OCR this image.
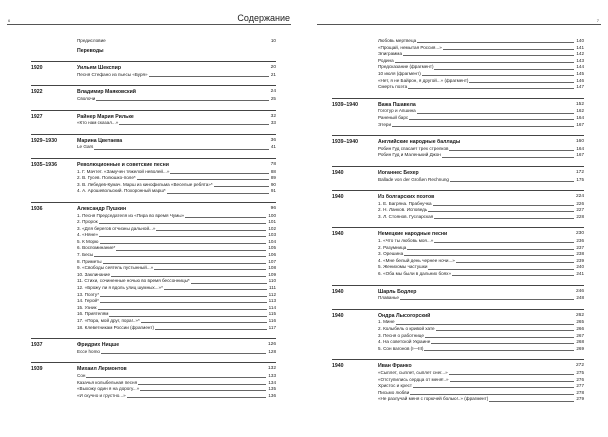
6	Содержание	7
Предисловие	10
Переводы
1920	Уильям Шекспир	20
Песня Стефано из пьесы «Буря»	21
1922	Владимир Маяковский	24
Сволочи	25
1927	Райнер Мария Рильке	32
«Кто нам сказал...»	33
1929–1930	Марина Цветаева	36
Le Gars	41
1935–1936	Революционные и советские песни	78
1. Г. Мачтет. «Замучен тяжелой неволей...»	88
2. В. Гусев. Полюшко-поле*	89
3. В. Лебедев-Кумач. Марш из кинофильма «Веселые ребята»*	90
4. А. Арошевольский. Похоронный марш*	91
1936	Александр Пушкин	96
1. Песня Председателя из «Пира во время Чумы»	100
2. Пророк	101
3. «Для берегов отчизны дальной...»	102
4. «Няне»	103
5. К Морю	104
6. Воспоминание*	105
7. Бесы	106
8. Приметы	107
9. «Свободы сеятель пустынный...»	108
10. Заклинание	109
11. Стихи, сочиненные ночью во время бессонницы*	110
12. «Брожу ли я вдоль улиц шумных...»*	111
13. Поэту*	112
14. Герой*	113
15. Узник	114
16. Приятелям	115
17. «Пора, мой друг, пора!..»*	116
18. Клеветникам России (фрагмент)	117
1937	Фридрих Ницше	126
Ecce homo	128
1939	Михаил Лермонтов	132
Сон	133
Казачья колыбельная песня	134
«Выхожу один я на дорогу...»	135
«И скучно и грустно...»	136
Любовь мертвеца	140
«Прощай, немытая Россия...»	141
Эпиграмма	142
Родина	143
Предсказание (фрагмент)	144
10 июля (фрагмент)	145
«Нет, я не Байрон, я другой...» (фрагмент)	146
Смерть поэта	147
1939–1940	Важа Пшавела	152
Гоготур и Апшина	162
Раненый барс	164
Этери	167
1939–1940	Английские народные баллады	160
Робин Гуд спасает трех стрелков	164
Робин Гуд и Маленький Джон	167
1940	Иоганнес Бехер	172
Ballade von der Großen Rechnung	175
1940	Из болгарских поэтов	224
1. Е. Багряна. Прабнучка	226
2. Н. Ланков. Исповедь	227
3. Л. Стоянов. Гусларская	228
1940	Немецкие народные песни	230
1. «Что ты любовь моя...»	236
2. Разумница	237
3. Орешина	238
4. «Мне белый день чернее ночи...»	239
5. Женихомы частушки	240
6. «Оба мы были в дальних боях»	241
1940	Шарль Бодлер	246
Плаванье	248
1940	Ондра Лысогорский	262
1. Мине	265
2. Колыбель о кривой хате	266
3. Песня о работнице	267
4. На советской Украине	268
5. Сон вагонов (I—III)	269
1940	Иван Франко	272
«Сыплет, сыплет, сыплет снег...»	275
«Отступились сердца от меня!..»	276
Христос и крест	277
Письмо любви	278
«Не разлучай меня с горючей болью!..» (фрагмент)	279
